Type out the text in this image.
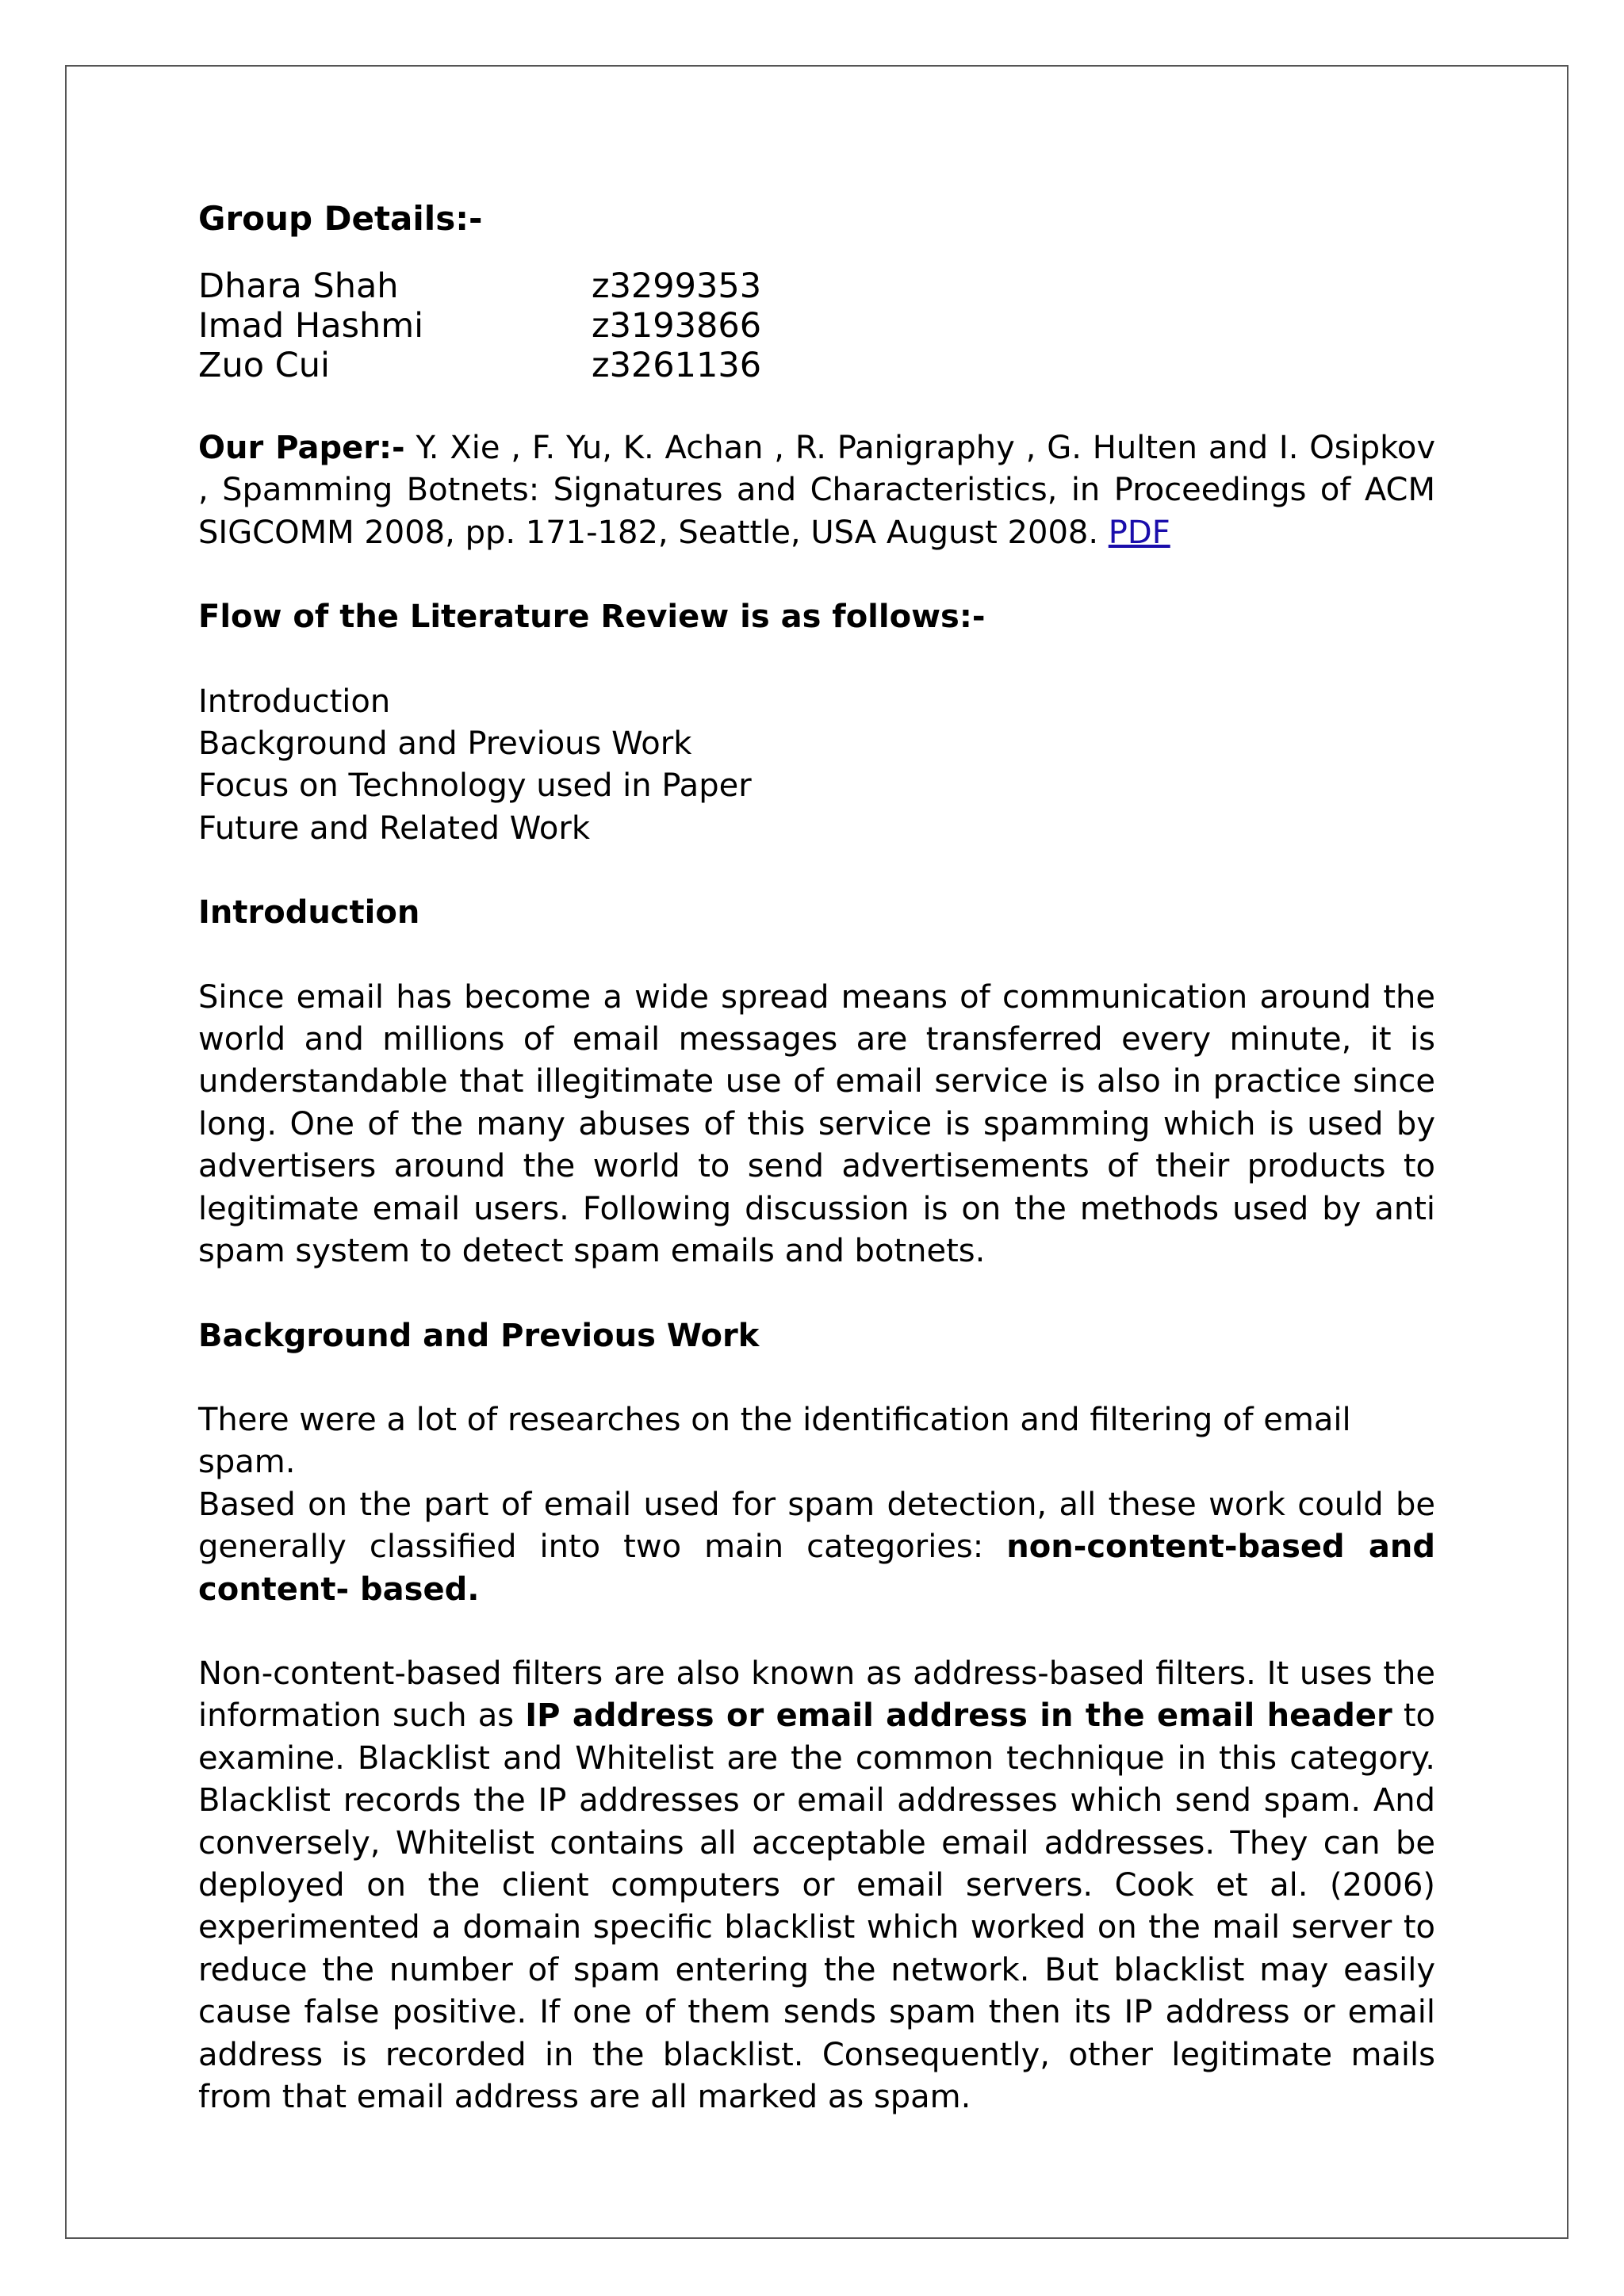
Group Details:-
Dhara Shah	z3299353
Imad Hashmi	z3193866
Zuo Cui	z3261136

Our Paper:- Y. Xie , F. Yu, K. Achan , R. Panigraphy , G. Hulten and I. Osipkov , Spamming Botnets: Signatures and Characteristics, in Proceedings of ACM SIGCOMM 2008, pp. 171-182, Seattle, USA August 2008. PDF

Flow of the Literature Review is as follows:-

Introduction
Background and Previous Work
Focus on Technology used in Paper
Future and Related Work

Introduction

Since email has become a wide spread means of communication around the world and millions of email messages are transferred every minute, it is understandable that illegitimate use of email service is also in practice since long. One of the many abuses of this service is spamming which is used by advertisers around the world to send advertisements of their products to legitimate email users. Following discussion is on the methods used by anti spam system to detect spam emails and botnets.

Background and Previous Work

There were a lot of researches on the identification and filtering of email spam.

Based on the part of email used for spam detection, all these work could be generally classified into two main categories: non-content-based and content- based.

Non-content-based filters are also known as address-based filters. It uses the information such as IP address or email address in the email header to examine. Blacklist and Whitelist are the common technique in this category. Blacklist records the IP addresses or email addresses which send spam. And conversely, Whitelist contains all acceptable email addresses. They can be deployed on the client computers or email servers. Cook et al. (2006) experimented a domain specific blacklist which worked on the mail server to reduce the number of spam entering the network. But blacklist may easily cause false positive. If one of them sends spam then its IP address or email address is recorded in the blacklist. Consequently, other legitimate mails from that email address are all marked as spam.
